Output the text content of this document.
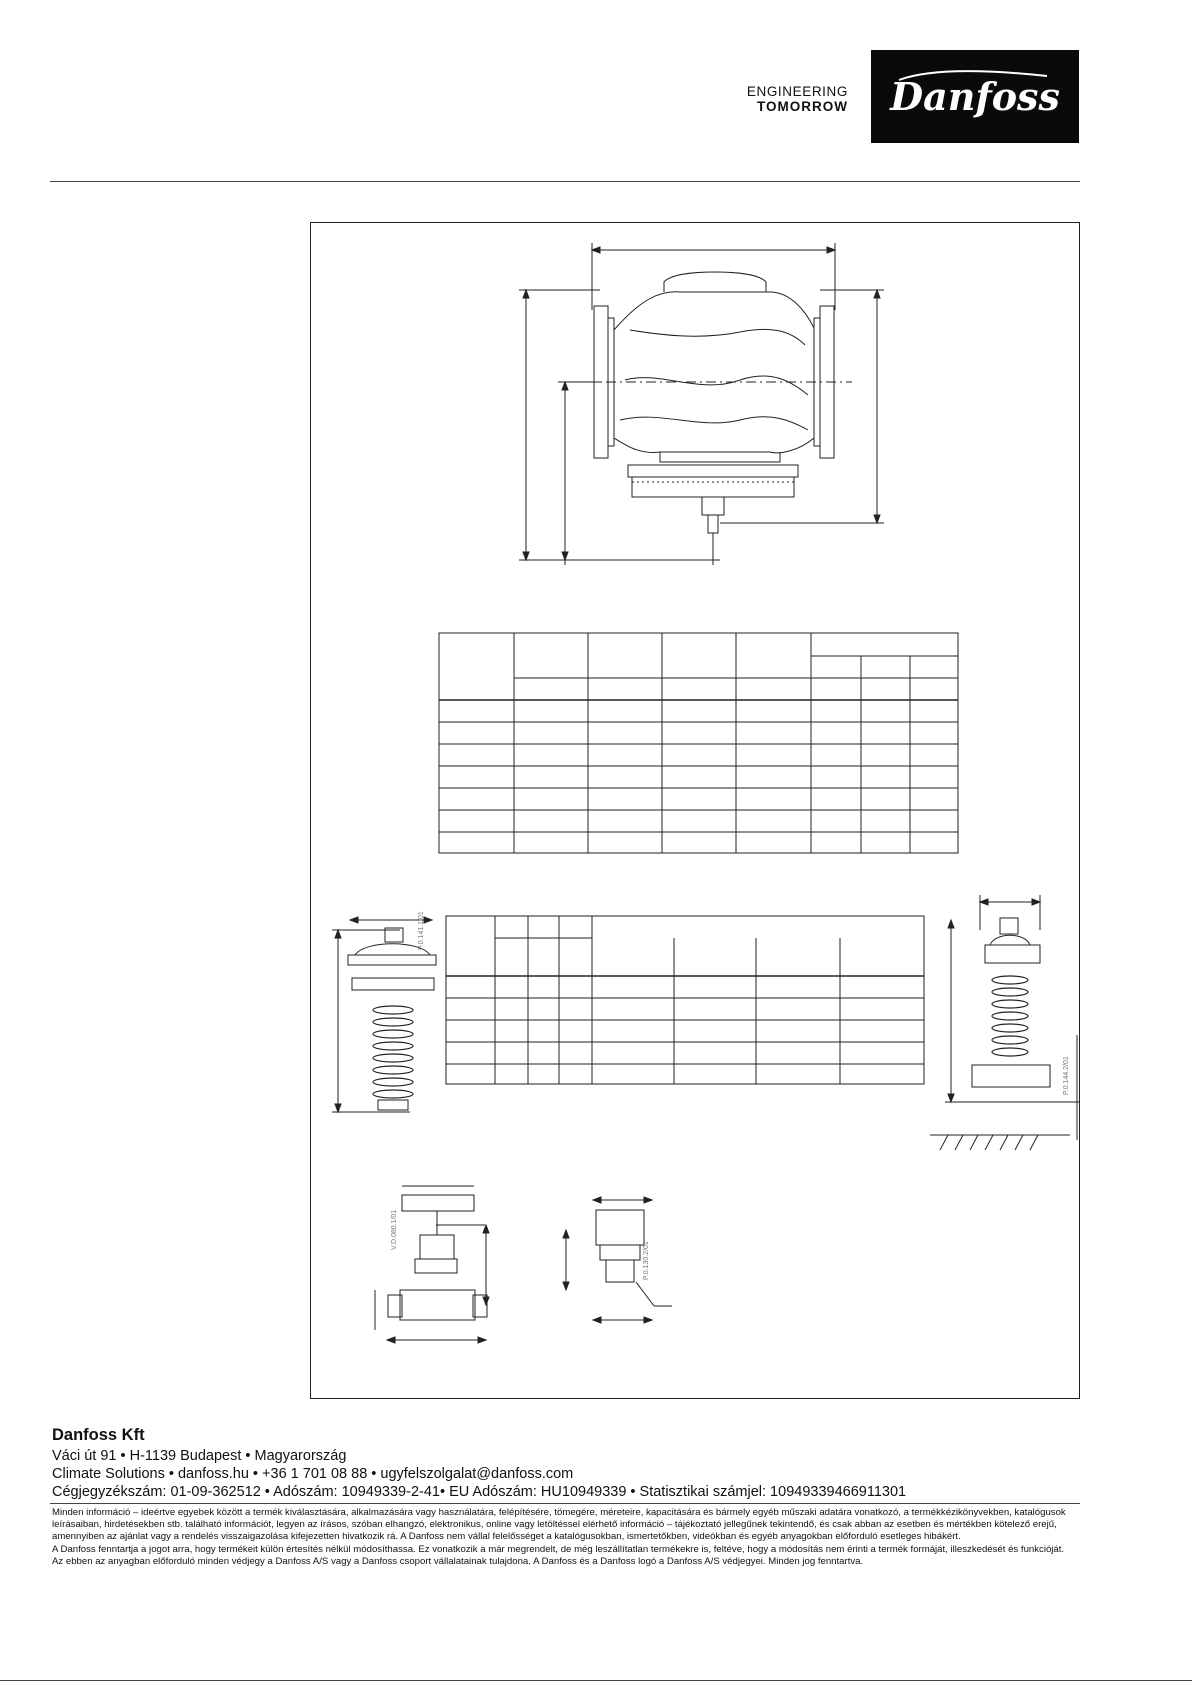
ENGINEERING
TOMORROW Danfoss
P.0.141.1/01
P.0.144.2/01
V.D.080.1/01
P.0.130.2/01
Danfoss Kft
Váci út 91 • H-1139 Budapest • Magyarország
Climate Solutions • danfoss.hu • +36 1 701 08 88 • ugyfelszolgalat@danfoss.com
Cégjegyzékszám: 01-09-362512 • Adószám: 10949339-2-41• EU Adószám: HU10949339 • Statisztikai számjel: 10949339466911301

Minden információ – ideértve egyebek között a termék kiválasztására, alkalmazására vagy használatára, felépítésére, tömegére, méreteire, kapacitására és bármely egyéb műszaki adatára vonatkozó, a termékkézikönyvekben, katalógusok leírásaiban, hirdetésekben stb. található információt, legyen az írásos, szóban elhangzó, elektronikus, online vagy letöltéssel elérhető információ – tájékoztató jellegűnek tekintendő, és csak abban az esetben és mértékben kötelező erejű, amennyiben az ajánlat vagy a rendelés visszaigazolása kifejezetten hivatkozik rá. A Danfoss nem vállal felelősséget a katalógusokban, ismertetőkben, videókban és egyéb anyagokban előforduló esetleges hibákért.

A Danfoss fenntartja a jogot arra, hogy termékeit külön értesítés nélkül módosíthassa. Ez vonatkozik a már megrendelt, de még leszállítatlan termékekre is, feltéve, hogy a módosítás nem érinti a termék formáját, illeszkedését és funkcióját.

Az ebben az anyagban előforduló minden védjegy a Danfoss A/S vagy a Danfoss csoport vállalatainak tulajdona. A Danfoss és a Danfoss logó a Danfoss A/S védjegyei. Minden jog fenntartva.
